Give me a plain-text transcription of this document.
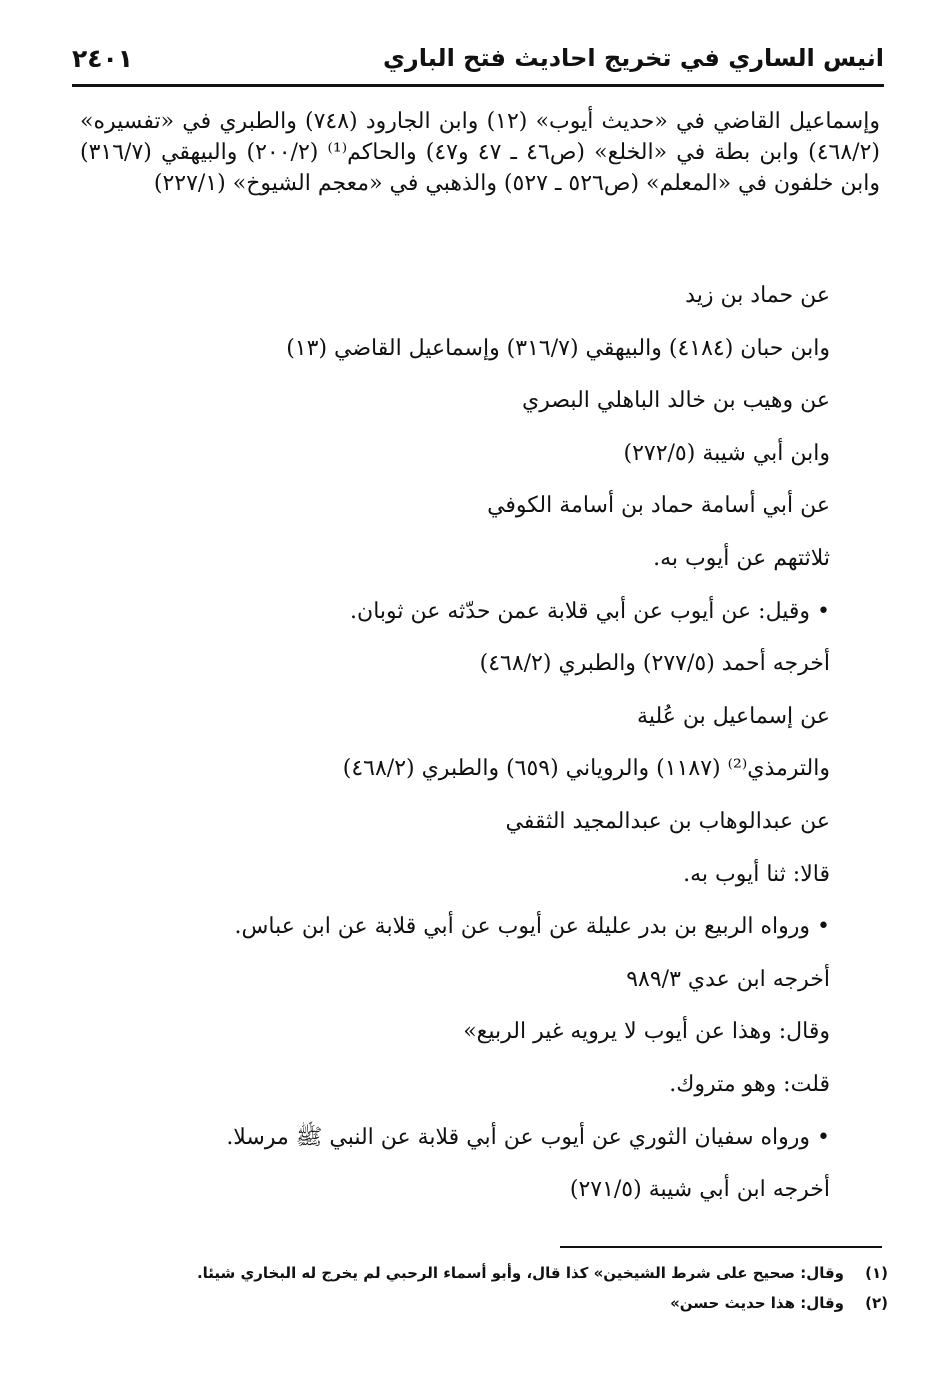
انيس الساري في تخريج احاديث فتح الباري
٢٤٠١

وإسماعيل القاضي في «حديث أيوب» (١٢) وابن الجارود (٧٤٨) والطبري في «تفسيره» (٤٦٨/٢) وابن بطة في «الخلع» (ص٤٦ ـ ٤٧ و٤٧) والحاكم⁽¹⁾ (٢٠٠/٢) والبيهقي (٣١٦/٧) وابن خلفون في «المعلم» (ص٥٢٦ ـ ٥٢٧) والذهبي في «معجم الشيوخ» (٢٢٧/١)

عن حماد بن زيد
وابن حبان (٤١٨٤) والبيهقي (٣١٦/٧) وإسماعيل القاضي (١٣)
عن وهيب بن خالد الباهلي البصري
وابن أبي شيبة (٢٧٢/٥)
عن أبي أسامة حماد بن أسامة الكوفي
ثلاثتهم عن أيوب به.
• وقيل: عن أيوب عن أبي قلابة عمن حدّثه عن ثوبان.
أخرجه أحمد (٢٧٧/٥) والطبري (٤٦٨/٢)
عن إسماعيل بن عُلية
والترمذي⁽²⁾ (١١٨٧) والروياني (٦٥٩) والطبري (٤٦٨/٢)
عن عبدالوهاب بن عبدالمجيد الثقفي
قالا: ثنا أيوب به.
• ورواه الربيع بن بدر عليلة عن أيوب عن أبي قلابة عن ابن عباس.
أخرجه ابن عدي ٩٨٩/٣
وقال: وهذا عن أيوب لا يرويه غير الربيع»
قلت: وهو متروك.
• ورواه سفيان الثوري عن أيوب عن أبي قلابة عن النبي ﷺ مرسلا.
أخرجه ابن أبي شيبة (٢٧١/٥)
(١)وقال: صحيح على شرط الشيخين» كذا قال، وأبو أسماء الرحبي لم يخرج له البخاري شيئا.
(٢)وقال: هذا حديث حسن»
